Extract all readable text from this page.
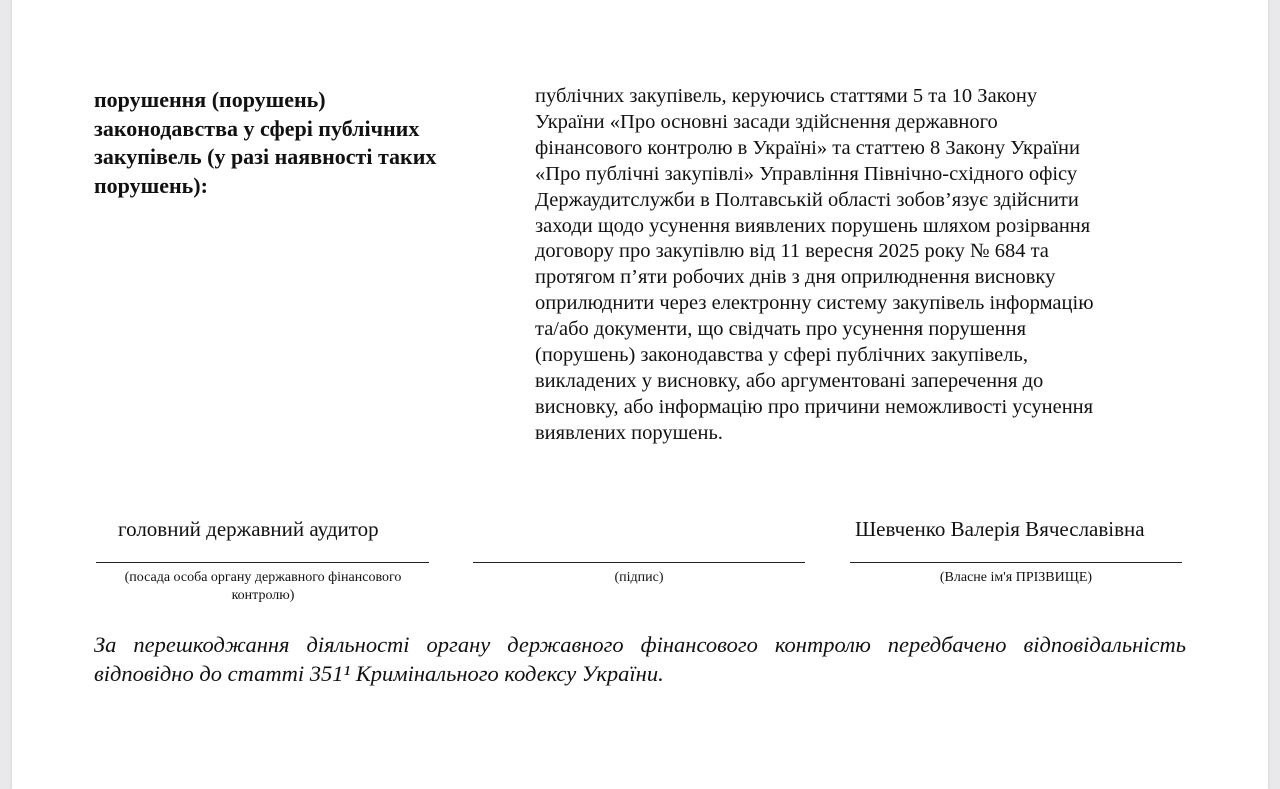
порушення (порушень)
законодавства у сфері публічних
закупівель (у разі наявності таких
порушень):
публічних закупівель, керуючись статтями 5 та 10 Закону
України «Про основні засади здійснення державного
фінансового контролю в Україні» та статтею 8 Закону України
«Про публічні закупівлі» Управління Північно-східного офісу
Держаудитслужби в Полтавській області зобов’язує здійснити
заходи щодо усунення виявлених порушень шляхом розірвання
договору про закупівлю від 11 вересня 2025 року № 684 та
протягом п’яти робочих днів з дня оприлюднення висновку
оприлюднити через електронну систему закупівель інформацію
та/або документи, що свідчать про усунення порушення
(порушень) законодавства у сфері публічних закупівель,
викладених у висновку, або аргументовані заперечення до
висновку, або інформацію про причини неможливості усунення
виявлених порушень.
головний державний аудитор	Шевченко Валерія Вячеславівна
(посада особа органу державного фінансового
контролю)
(підпис)	(Власне ім'я ПРІЗВИЩЕ)
За перешкоджання діяльності органу державного фінансового контролю передбачено відповідальність відповідно до статті 351¹ Кримінального кодексу України.
